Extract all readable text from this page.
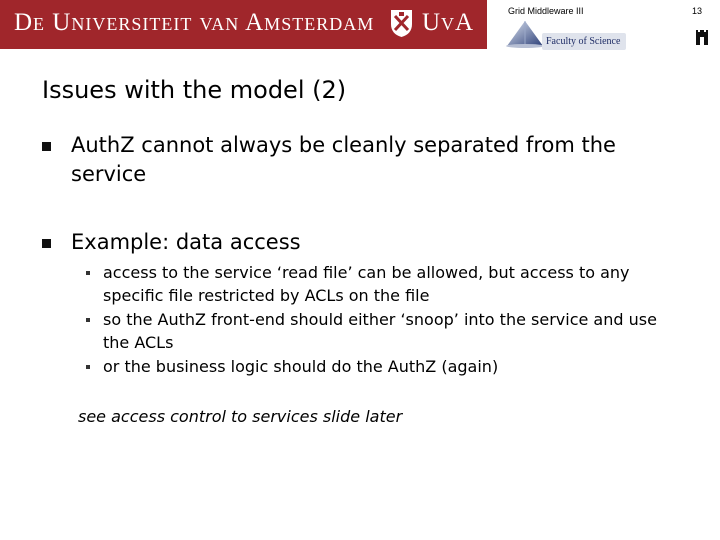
De Universiteit van Amsterdam UvA	Grid Middleware III	13
Faculty of Science
Issues with the model (2)
AuthZ cannot always be cleanly separated from the service
Example: data access
access to the service ‘read file’ can be allowed, but access to any specific file restricted by ACLs on the file
so the AuthZ front-end should either ‘snoop’ into the service and use the ACLs
or the business logic should do the AuthZ (again)
see access control to services slide later
